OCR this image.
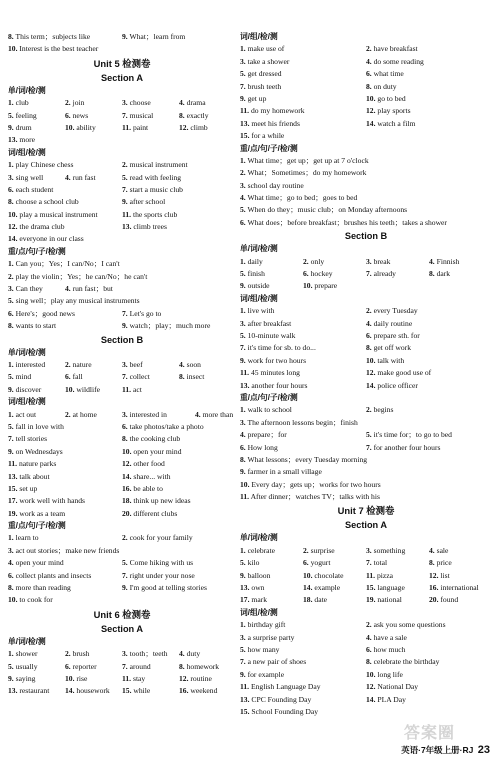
8. This term；subjects like	9. What；learn from
10. Interest is the best teacher
Unit 5 检测卷
Section A
单/词/检/测
1. club	2. join	3. choose	4. drama
5. feeling	6. news	7. musical	8. exactly
9. drum	10. ability	11. paint	12. climb
13. more
词/组/检/测
1. play Chinese chess	2. musical instrument
3. sing well	4. run fast	5. read with feeling
6. each student	7. start a music club
8. choose a school club	9. after school
10. play a musical instrument	11. the sports club
12. the drama club	13. climb trees
14. everyone in our class
重/点/句/子/检/测
1. Can you；Yes；I can/No；I can't
2. play the violin；Yes；he can/No；he can't
3. Can they	4. run fast；but
5. sing well；play any musical instruments
6. Here's；good news	7. Let's go to
8. wants to start	9. watch；play；much more
Section B
单/词/检/测
1. interested	2. nature	3. beef	4. soon
5. mind	6. fall	7. collect	8. insect
9. discover	10. wildlife	11. act
词/组/检/测
1. act out	2. at home	3. interested in	4. more than
5. fall in love with	6. take photos/take a photo
7. tell stories	8. the cooking club
9. on Wednesdays	10. open your mind
11. nature parks	12. other food
13. talk about	14. share... with
15. set up	16. be able to
17. work well with hands	18. think up new ideas
19. work as a team	20. different clubs
重/点/句/子/检/测
1. learn to	2. cook for your family
3. act out stories；make new friends
4. open your mind	5. Come hiking with us
6. collect plants and insects	7. right under your nose
8. more than reading	9. I'm good at telling stories
10. to cook for
Unit 6 检测卷
Section A
单/词/检/测
1. shower	2. brush	3. tooth；teeth	4. duty
5. usually	6. reporter	7. around	8. homework
9. saying	10. rise	11. stay	12. routine
13. restaurant	14. housework	15. while	16. weekend
词/组/检/测
1. make use of	2. have breakfast
3. take a shower	4. do some reading
5. get dressed	6. what time
7. brush teeth	8. on duty
9. get up	10. go to bed
11. do my homework	12. play sports
13. meet his friends	14. watch a film
15. for a while
重/点/句/子/检/测
1. What time；get up；get up at 7 o'clock
2. What；Sometimes；do my homework
3. school day routine
4. What time；go to bed；goes to bed
5. When do they；music club；on Monday afternoons
6. What does；before breakfast；brushes his teeth；takes a shower
Section B
单/词/检/测
1. daily	2. only	3. break	4. Finnish
5. finish	6. hockey	7. already	8. dark
9. outside	10. prepare
词/组/检/测
1. live with	2. every Tuesday
3. after breakfast	4. daily routine
5. 10-minute walk	6. prepare sth. for
7. it's time for sb. to do...	8. get off work
9. work for two hours	10. talk with
11. 45 minutes long	12. make good use of
13. another four hours	14. police officer
重/点/句/子/检/测
1. walk to school	2. begins
3. The afternoon lessons begin；finish
4. prepare；for	5. it's time for；to go to bed
6. How long	7. for another four hours
8. What lessons；every Tuesday morning
9. farmer in a small village
10. Every day；gets up；works for two hours
11. After dinner；watches TV；talks with his
Unit 7 检测卷
Section A
单/词/检/测
1. celebrate	2. surprise	3. something	4. sale
5. kilo	6. yogurt	7. total	8. price
9. balloon	10. chocolate	11. pizza	12. list
13. own	14. example	15. language	16. international
17. mark	18. date	19. national	20. found
词/组/检/测
1. birthday gift	2. ask you some questions
3. a surprise party	4. have a sale
5. how many	6. how much
7. a new pair of shoes	8. celebrate the birthday
9. for example	10. long life
11. English Language Day	12. National Day
13. CPC Founding Day	14. PLA Day
15. School Founding Day
答案圈
英语·7年级上册·RJ 23
